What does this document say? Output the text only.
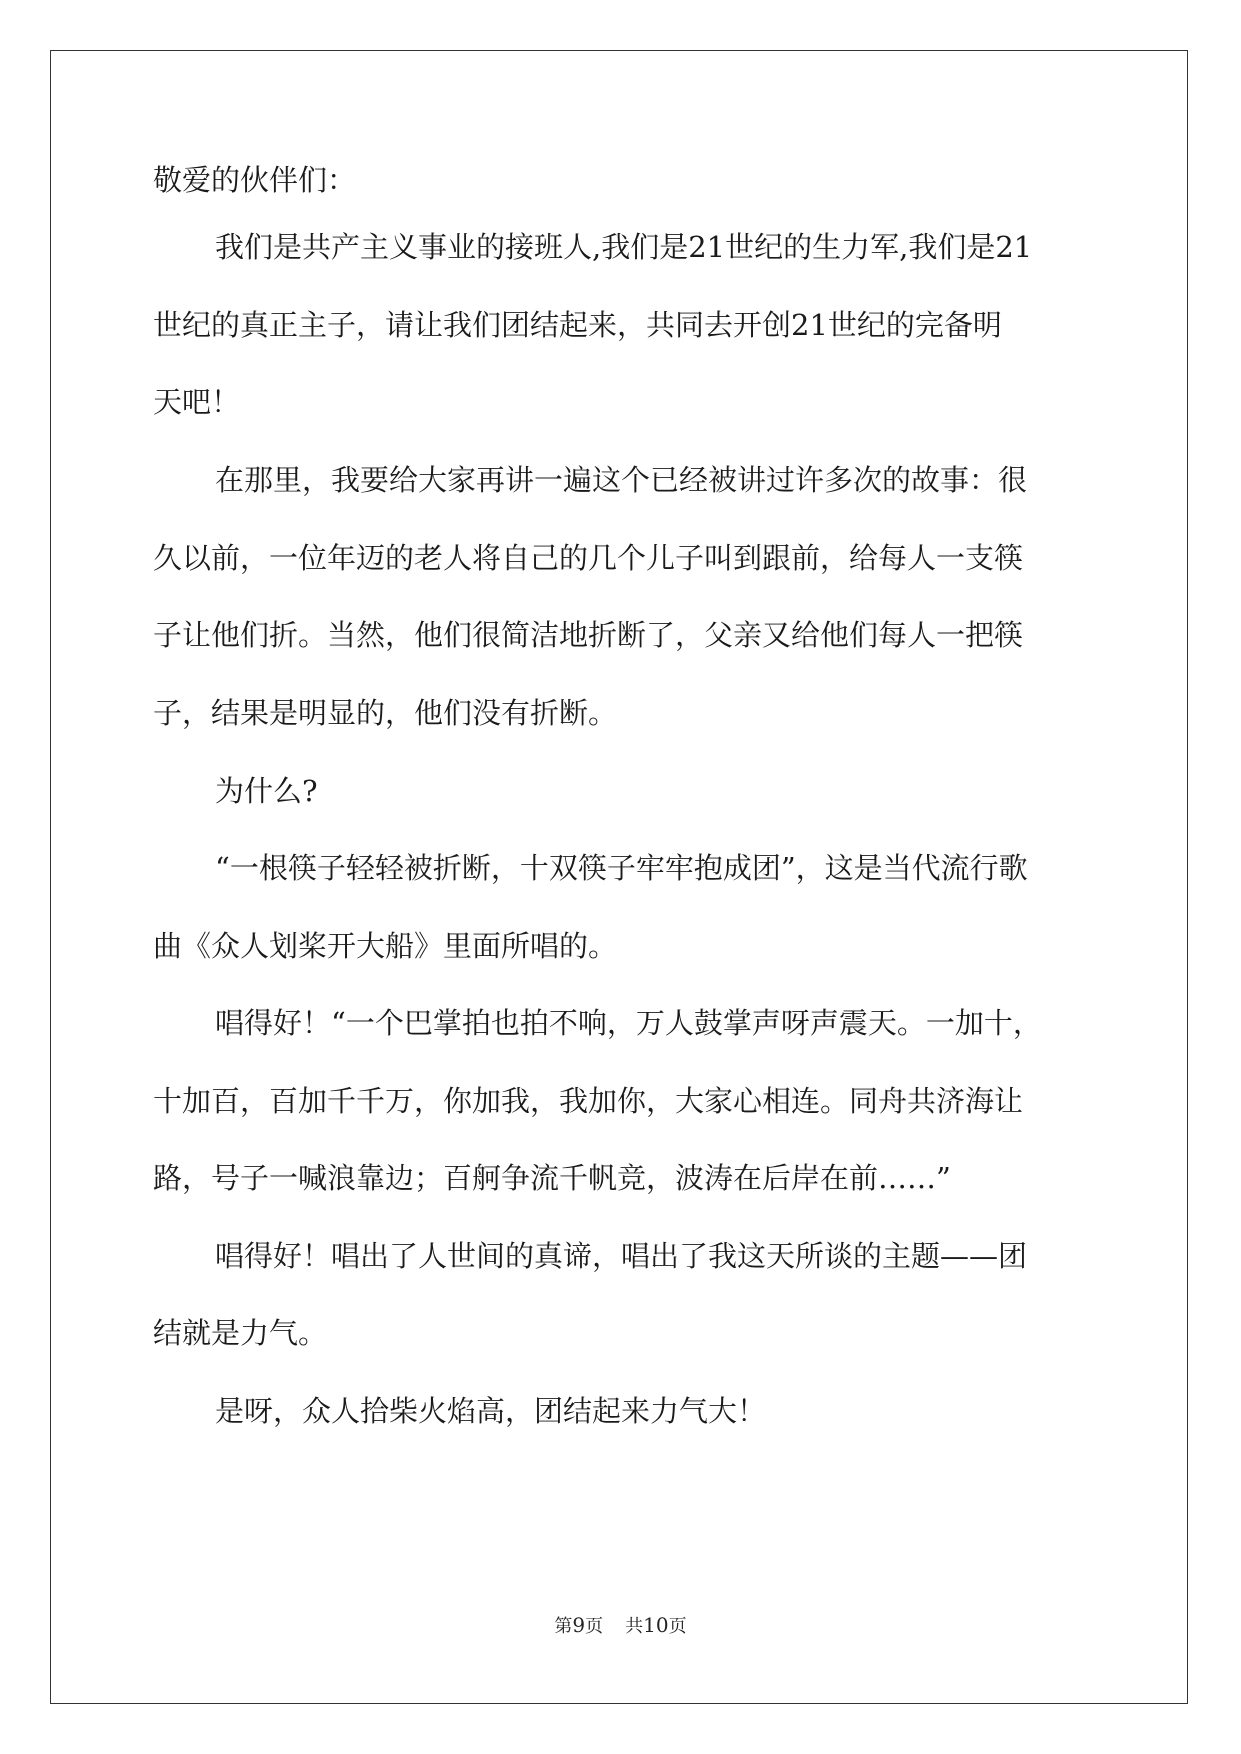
敬爱的伙伴们：

我们是共产主义事业的接班人,我们是21世纪的生力军,我们是21

世纪的真正主子，请让我们团结起来，共同去开创21世纪的完备明

天吧！

在那里，我要给大家再讲一遍这个已经被讲过许多次的故事：很

久以前，一位年迈的老人将自己的几个儿子叫到跟前，给每人一支筷

子让他们折。当然，他们很简洁地折断了，父亲又给他们每人一把筷

子，结果是明显的，他们没有折断。

为什么?

“一根筷子轻轻被折断，十双筷子牢牢抱成团”，这是当代流行歌

曲《众人划桨开大船》里面所唱的。

唱得好！“一个巴掌拍也拍不响，万人鼓掌声呀声震天。一加十，

十加百，百加千千万，你加我，我加你，大家心相连。同舟共济海让

路，号子一喊浪靠边；百舸争流千帆竞，波涛在后岸在前……”

唱得好！唱出了人世间的真谛，唱出了我这天所谈的主题——团

结就是力气。

是呀，众人拾柴火焰高，团结起来力气大！

第9页 共10页
